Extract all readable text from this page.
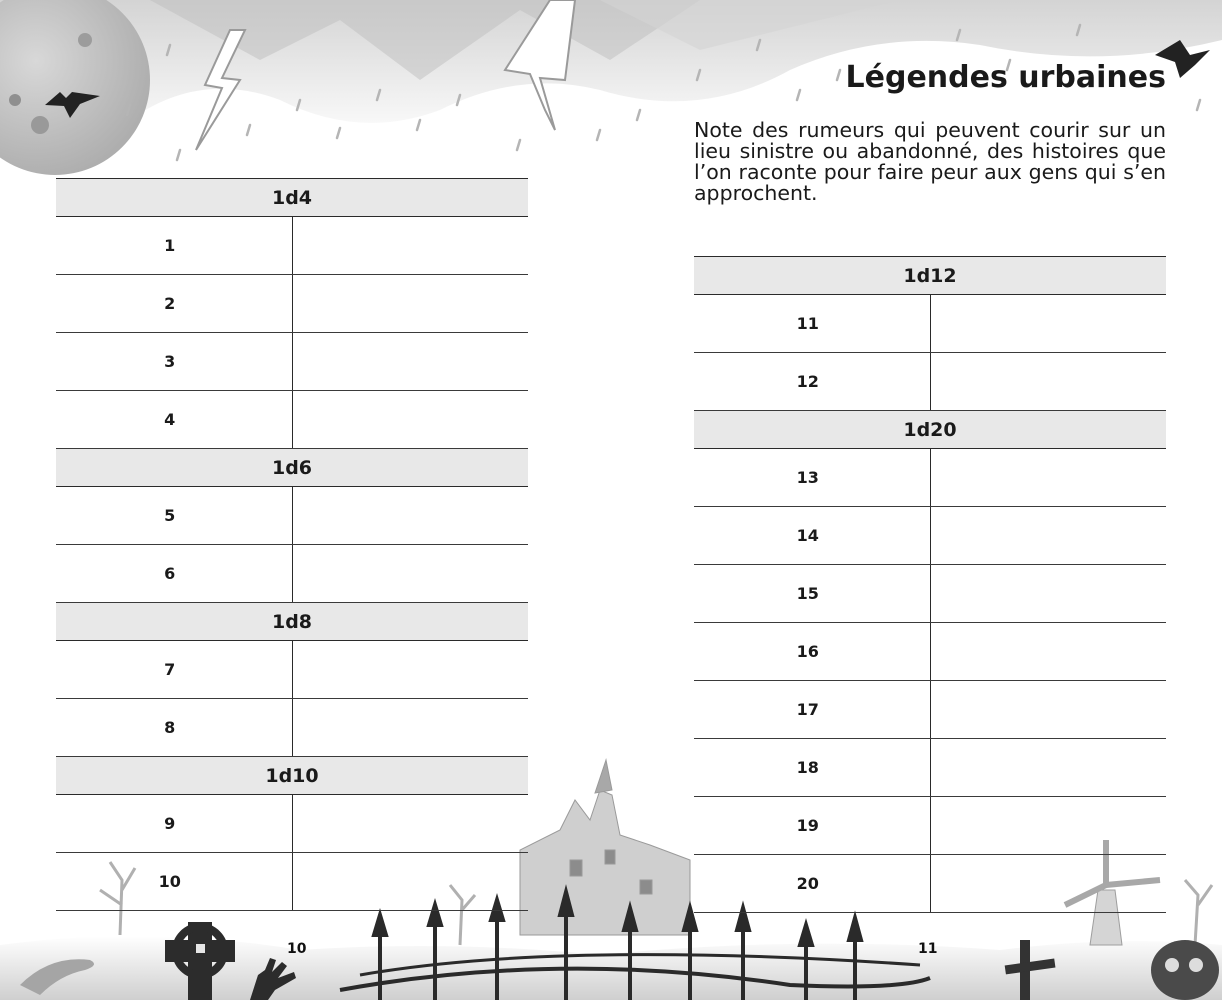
Légendes urbaines

Note des rumeurs qui peuvent courir sur un lieu sinistre ou abandonné, des histoires que l’on raconte pour faire peur aux gens qui s’en approchent.

1d4	
1	
2	
3	
4	
1d6	
5	
6	
1d8	
7	
8	
1d10	
9	
10	
1d12	
11	
12	
1d20	
13	
14	
15	
16	
17	
18	
19	
20	
10	11
